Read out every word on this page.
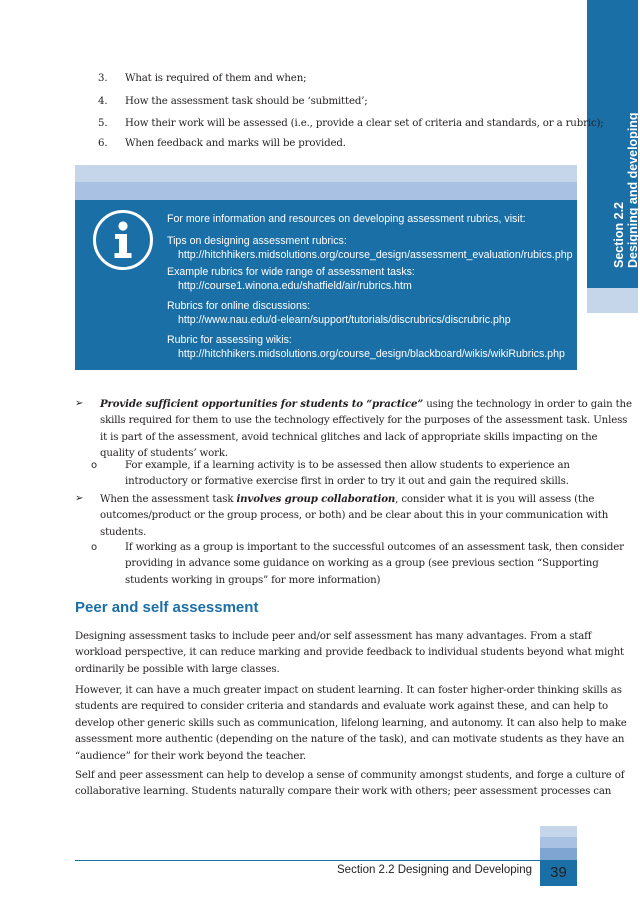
Section 2.2 Designing and developing
3. What is required of them and when;
4. How the assessment task should be ‘submitted’;
5. How their work will be assessed (i.e., provide a clear set of criteria and standards, or a rubric);
6. When feedback and marks will be provided.
For more information and resources on developing assessment rubrics, visit:
Tips on designing assessment rubrics:
http://hitchhikers.midsolutions.org/course_design/assessment_evaluation/rubics.php
Example rubrics for wide range of assessment tasks:
http://course1.winona.edu/shatfield/air/rubrics.htm
Rubrics for online discussions:
http://www.nau.edu/d-elearn/support/tutorials/discrubrics/discrubric.php
Rubric for assessing wikis:
http://hitchhikers.midsolutions.org/course_design/blackboard/wikis/wikiRubrics.php
➢ Provide sufficient opportunities for students to “practice” using the technology in order to gain the
skills required for them to use the technology effectively for the purposes of the assessment task. Unless
it is part of the assessment, avoid technical glitches and lack of appropriate skills impacting on the
quality of students’ work.
o	For example, if a learning activity is to be assessed then allow students to experience an
introductory or formative exercise first in order to try it out and gain the required skills.
➢ When the assessment task involves group collaboration, consider what it is you will assess (the
outcomes/product or the group process, or both) and be clear about this in your communication with
students.
o	If working as a group is important to the successful outcomes of an assessment task, then consider
providing in advance some guidance on working as a group (see previous section “Supporting
students working in groups” for more information)
Peer and self assessment
Designing assessment tasks to include peer and/or self assessment has many advantages. From a staff
workload perspective, it can reduce marking and provide feedback to individual students beyond what might
ordinarily be possible with large classes.
However, it can have a much greater impact on student learning. It can foster higher-order thinking skills as
students are required to consider criteria and standards and evaluate work against these, and can help to
develop other generic skills such as communication, lifelong learning, and autonomy. It can also help to make
assessment more authentic (depending on the nature of the task), and can motivate students as they have an
“audience” for their work beyond the teacher.
Self and peer assessment can help to develop a sense of community amongst students, and forge a culture of
collaborative learning. Students naturally compare their work with others; peer assessment processes can
Section 2.2 Designing and Developing	39
